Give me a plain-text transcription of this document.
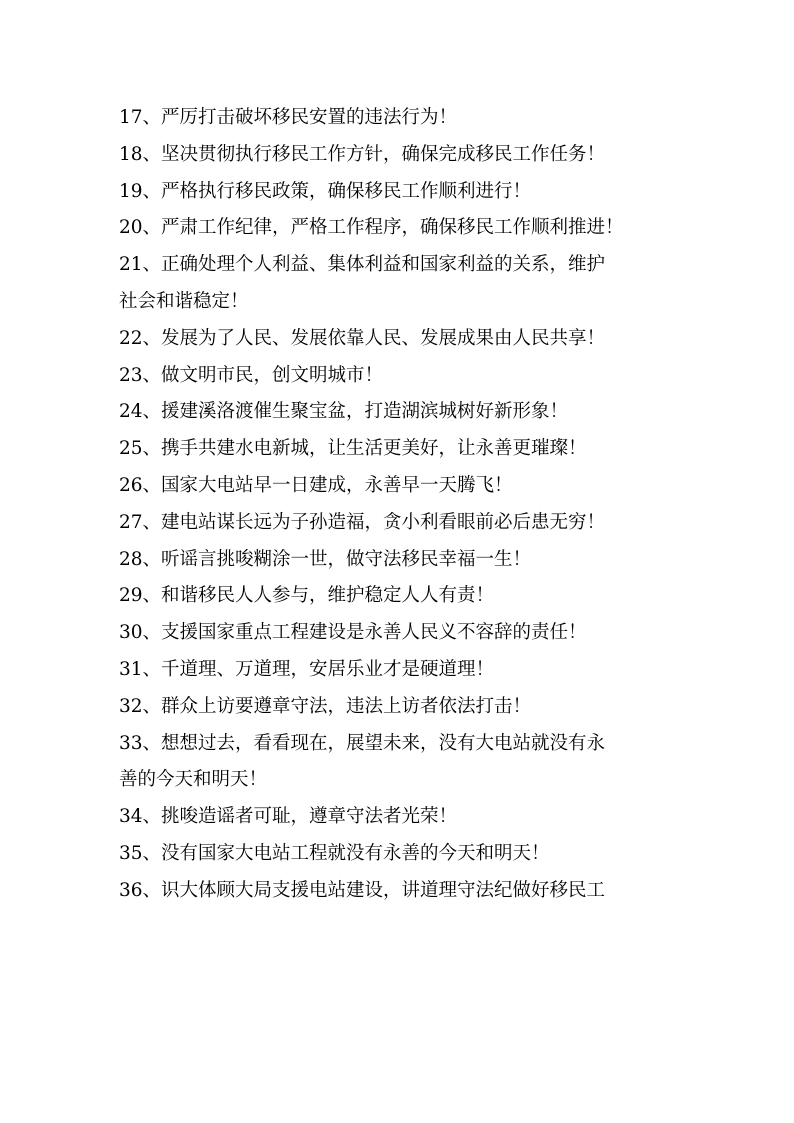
17、严厉打击破坏移民安置的违法行为！
18、坚决贯彻执行移民工作方针，确保完成移民工作任务！
19、严格执行移民政策，确保移民工作顺利进行！
20、严肃工作纪律，严格工作程序，确保移民工作顺利推进！
21、正确处理个人利益、集体利益和国家利益的关系，维护
社会和谐稳定！
22、发展为了人民、发展依靠人民、发展成果由人民共享！
23、做文明市民，创文明城市！
24、援建溪洛渡催生聚宝盆，打造湖滨城树好新形象！
25、携手共建水电新城，让生活更美好，让永善更璀璨！
26、国家大电站早一日建成，永善早一天腾飞！
27、建电站谋长远为子孙造福，贪小利看眼前必后患无穷！
28、听谣言挑唆糊涂一世，做守法移民幸福一生！
29、和谐移民人人参与，维护稳定人人有责！
30、支援国家重点工程建设是永善人民义不容辞的责任！
31、千道理、万道理，安居乐业才是硬道理！
32、群众上访要遵章守法，违法上访者依法打击！
33、想想过去，看看现在，展望未来，没有大电站就没有永
善的今天和明天！
34、挑唆造谣者可耻，遵章守法者光荣！
35、没有国家大电站工程就没有永善的今天和明天！
36、识大体顾大局支援电站建设，讲道理守法纪做好移民工
